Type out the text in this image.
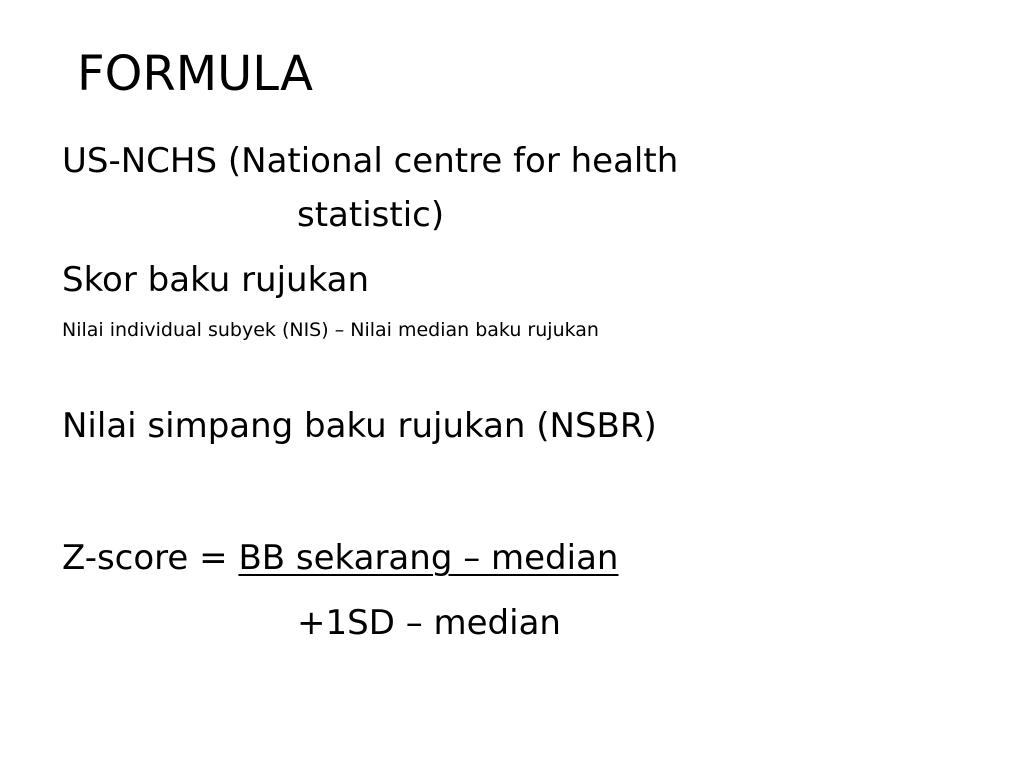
FORMULA

US-NCHS (National centre for health

statistic)

Skor baku rujukan

Nilai individual subyek (NIS) – Nilai median baku rujukan

Nilai simpang baku rujukan (NSBR)

Z-score = BB sekarang – median

+1SD – median
